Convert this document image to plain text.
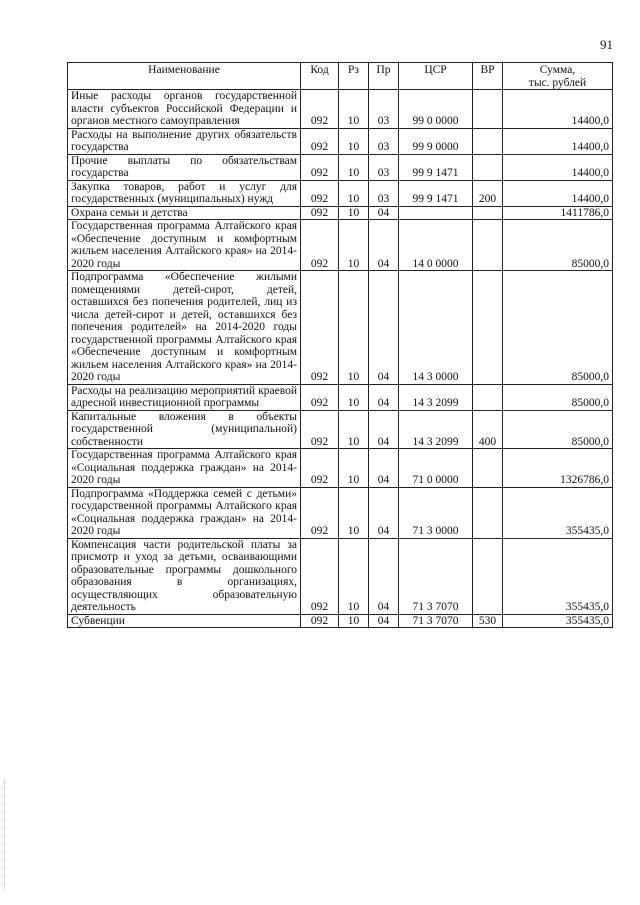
91
Наименование	Код	Рз	Пр	ЦСР	ВР	Сумма,
тыс. рублей

Иные расходы органов государственной власти субъектов Российской Федерации и органов местного самоуправления	092	10	03	99 0 0000		14400,0
Расходы на выполнение других обязательств государства	092	10	03	99 9 0000		14400,0
Прочие выплаты по обязательствам государства	092	10	03	99 9 1471		14400,0
Закупка товаров, работ и услуг для государственных (муниципальных) нужд	092	10	03	99 9 1471	200	14400,0
Охрана семьи и детства	092	10	04			1411786,0
Государственная программа Алтайского края «Обеспечение доступным и комфортным жильем населения Алтайского края» на 2014-2020 годы	092	10	04	14 0 0000		85000,0
Подпрограмма «Обеспечение жилыми помещениями детей-сирот, детей, оставшихся без попечения родителей, лиц из числа детей-сирот и детей, оставшихся без попечения родителей» на 2014-2020 годы государственной программы Алтайского края «Обеспечение доступным и комфортным жильем населения Алтайского края» на 2014-2020 годы	092	10	04	14 3 0000		85000,0
Расходы на реализацию мероприятий краевой адресной инвестиционной программы	092	10	04	14 3 2099		85000,0
Капитальные вложения в объекты государственной (муниципальной) собственности	092	10	04	14 3 2099	400	85000,0
Государственная программа Алтайского края «Социальная поддержка граждан» на 2014-2020 годы	092	10	04	71 0 0000		1326786,0
Подпрограмма «Поддержка семей с детьми» государственной программы Алтайского края «Социальная поддержка граждан» на 2014-2020 годы	092	10	04	71 3 0000		355435,0
Компенсация части родительской платы за присмотр и уход за детьми, осваивающими образовательные программы дошкольного образования в организациях, осуществляющих образовательную деятельность	092	10	04	71 3 7070		355435,0
Субвенции	092	10	04	71 3 7070	530	355435,0
